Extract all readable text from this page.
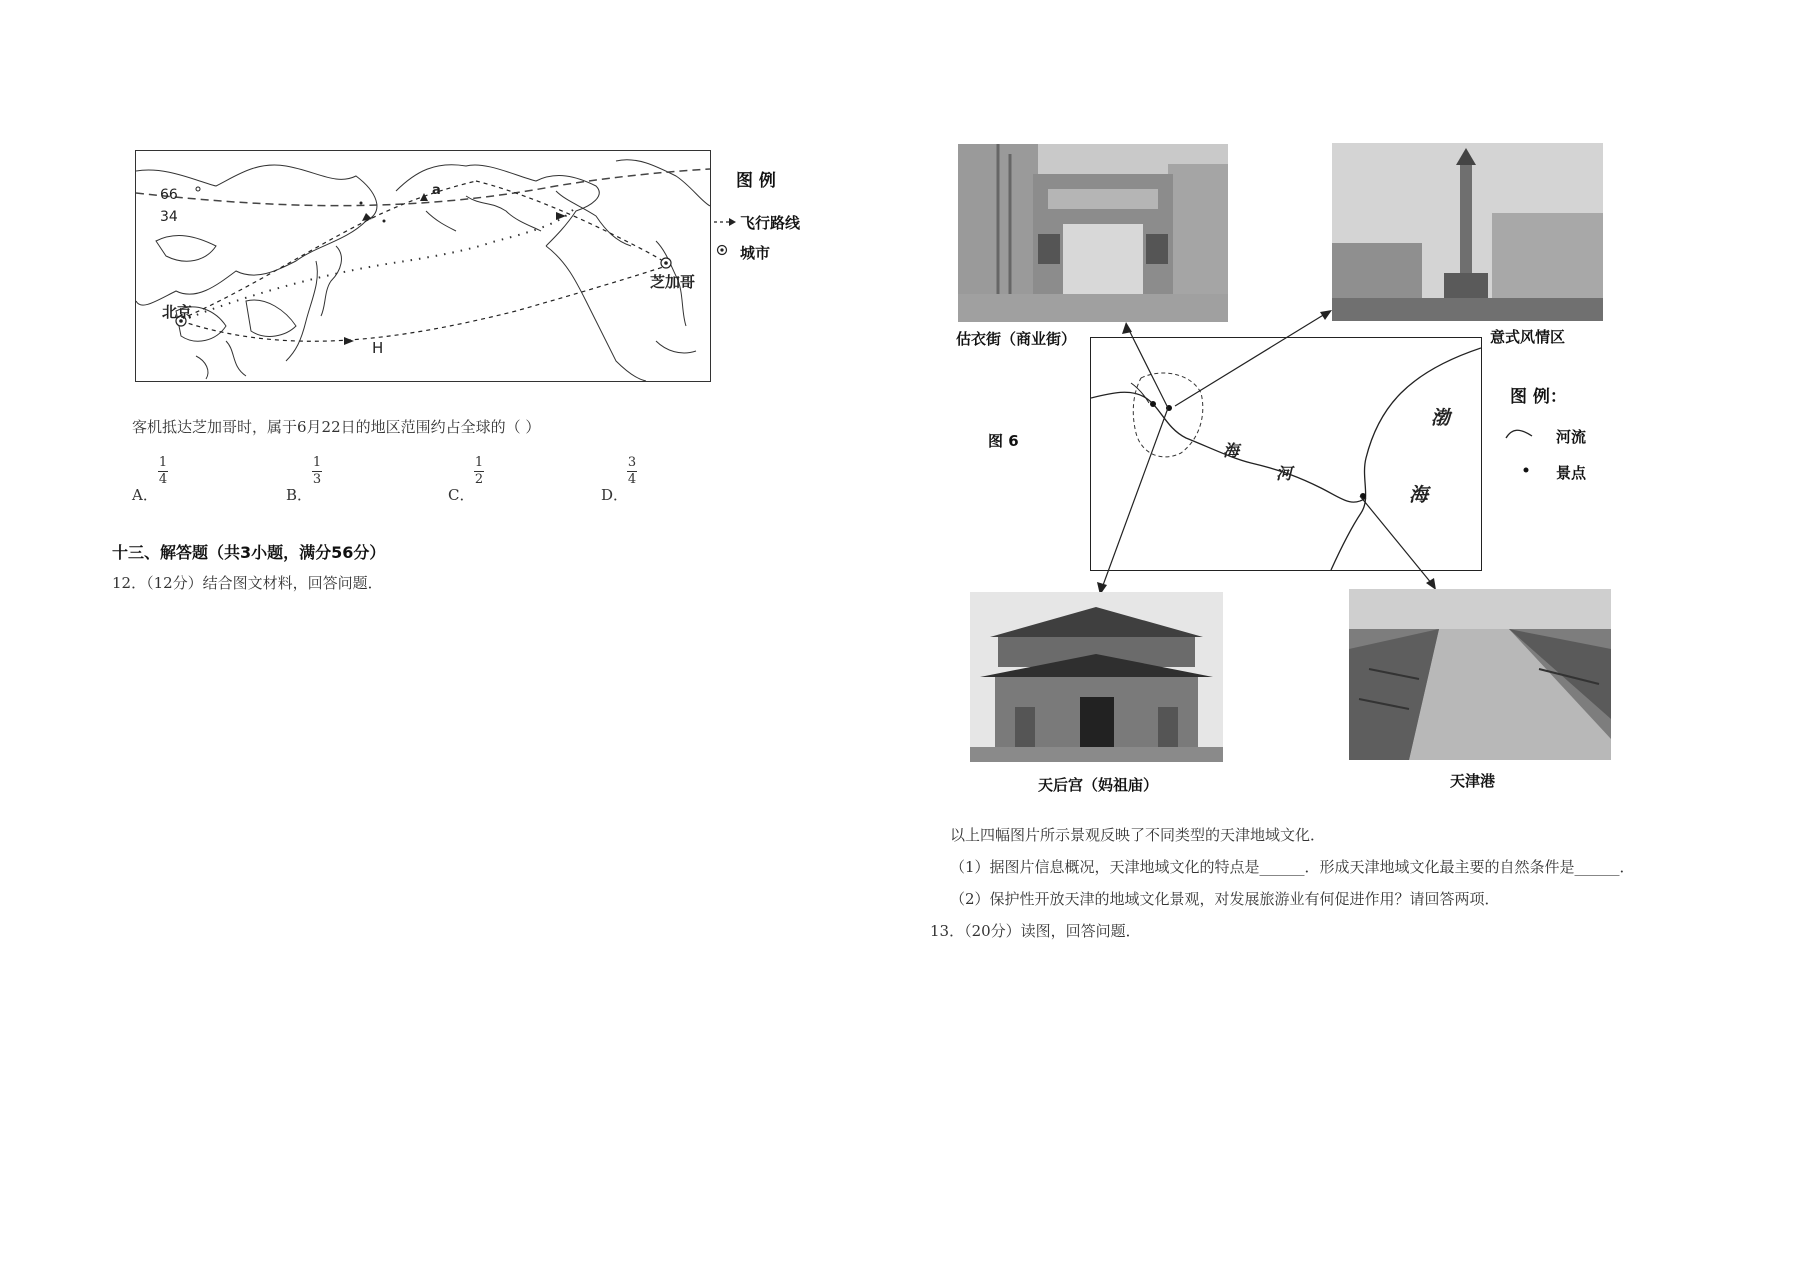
66
34
a
北京
芝加哥
H
图 例
飞行路线
城市
客机抵达芝加哥时，属于6月22日的地区范围约占全球的（ ）
A．
1
4
B．
1
3
C．
1
2
D．
3
4
十三、解答题（共3小题，满分56分）
12．（12分）结合图文材料，回答问题．
估衣街（商业街）	意式风情区
海
河
渤
海
图 6
图 例：
河流
景点
天后宫（妈祖庙）	天津港
以上四幅图片所示景观反映了不同类型的天津地域文化．
（1）据图片信息概况，天津地域文化的特点是______．形成天津地域文化最主要的自然条件是______．
（2）保护性开放天津的地域文化景观，对发展旅游业有何促进作用？请回答两项．
13．（20分）读图，回答问题．
